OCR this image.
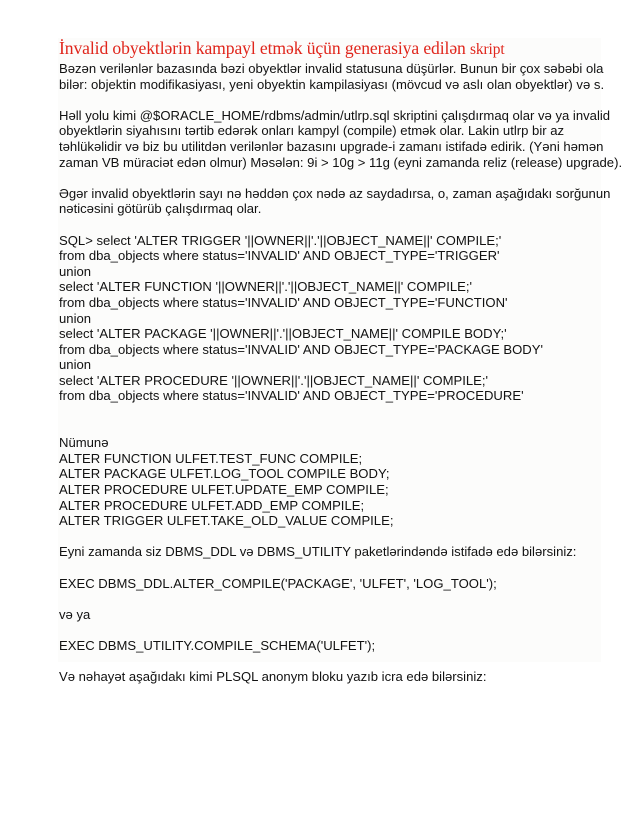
İnvalid obyektlərin kampayl etmək üçün generasiya edilən skript
Bəzən verilənlər bazasında bəzi obyektlər invalid statusuna düşürlər. Bunun bir çox səbəbi ola
bilər: objektin modifikasiyası, yeni obyektin kampilasiyası (mövcud və aslı olan obyektlər) və s.
Həll yolu kimi @$ORACLE_HOME/rdbms/admin/utlrp.sql skriptini çalışdırmaq olar və ya invalid
obyektlərin siyahısını tərtib edərək onları kampyl (compile) etmək olar. Lakin utlrp bir az
təhlükəlidir və biz bu utilitdən verilənlər bazasını upgrade-i zamanı istifadə edirik. (Yəni həmən
zaman VB müraciət edən olmur) Məsələn: 9i > 10g > 11g (eyni zamanda reliz (release) upgrade).
Əgər invalid obyektlərin sayı nə həddən çox nədə az saydadırsa, o, zaman aşağıdakı sorğunun
nəticəsini götürüb çalışdırmaq olar.
SQL> select 'ALTER TRIGGER '||OWNER||'.'||OBJECT_NAME||' COMPILE;'
from dba_objects where status='INVALID' AND OBJECT_TYPE='TRIGGER'
union
select 'ALTER FUNCTION '||OWNER||'.'||OBJECT_NAME||' COMPILE;'
from dba_objects where status='INVALID' AND OBJECT_TYPE='FUNCTION'
union
select 'ALTER PACKAGE '||OWNER||'.'||OBJECT_NAME||' COMPILE BODY;'
from dba_objects where status='INVALID' AND OBJECT_TYPE='PACKAGE BODY'
union
select 'ALTER PROCEDURE '||OWNER||'.'||OBJECT_NAME||' COMPILE;'
from dba_objects where status='INVALID' AND OBJECT_TYPE='PROCEDURE'
Nümunə
ALTER FUNCTION ULFET.TEST_FUNC COMPILE;
ALTER PACKAGE ULFET.LOG_TOOL COMPILE BODY;
ALTER PROCEDURE ULFET.UPDATE_EMP COMPILE;
ALTER PROCEDURE ULFET.ADD_EMP COMPILE;
ALTER TRIGGER ULFET.TAKE_OLD_VALUE COMPILE;
Eyni zamanda siz DBMS_DDL və DBMS_UTILITY paketlərindəndə istifadə edə bilərsiniz:
EXEC DBMS_DDL.ALTER_COMPILE('PACKAGE', 'ULFET', 'LOG_TOOL');
və ya
EXEC DBMS_UTILITY.COMPILE_SCHEMA('ULFET');
Və nəhayət aşağıdakı kimi PLSQL anonym bloku yazıb icra edə bilərsiniz:
